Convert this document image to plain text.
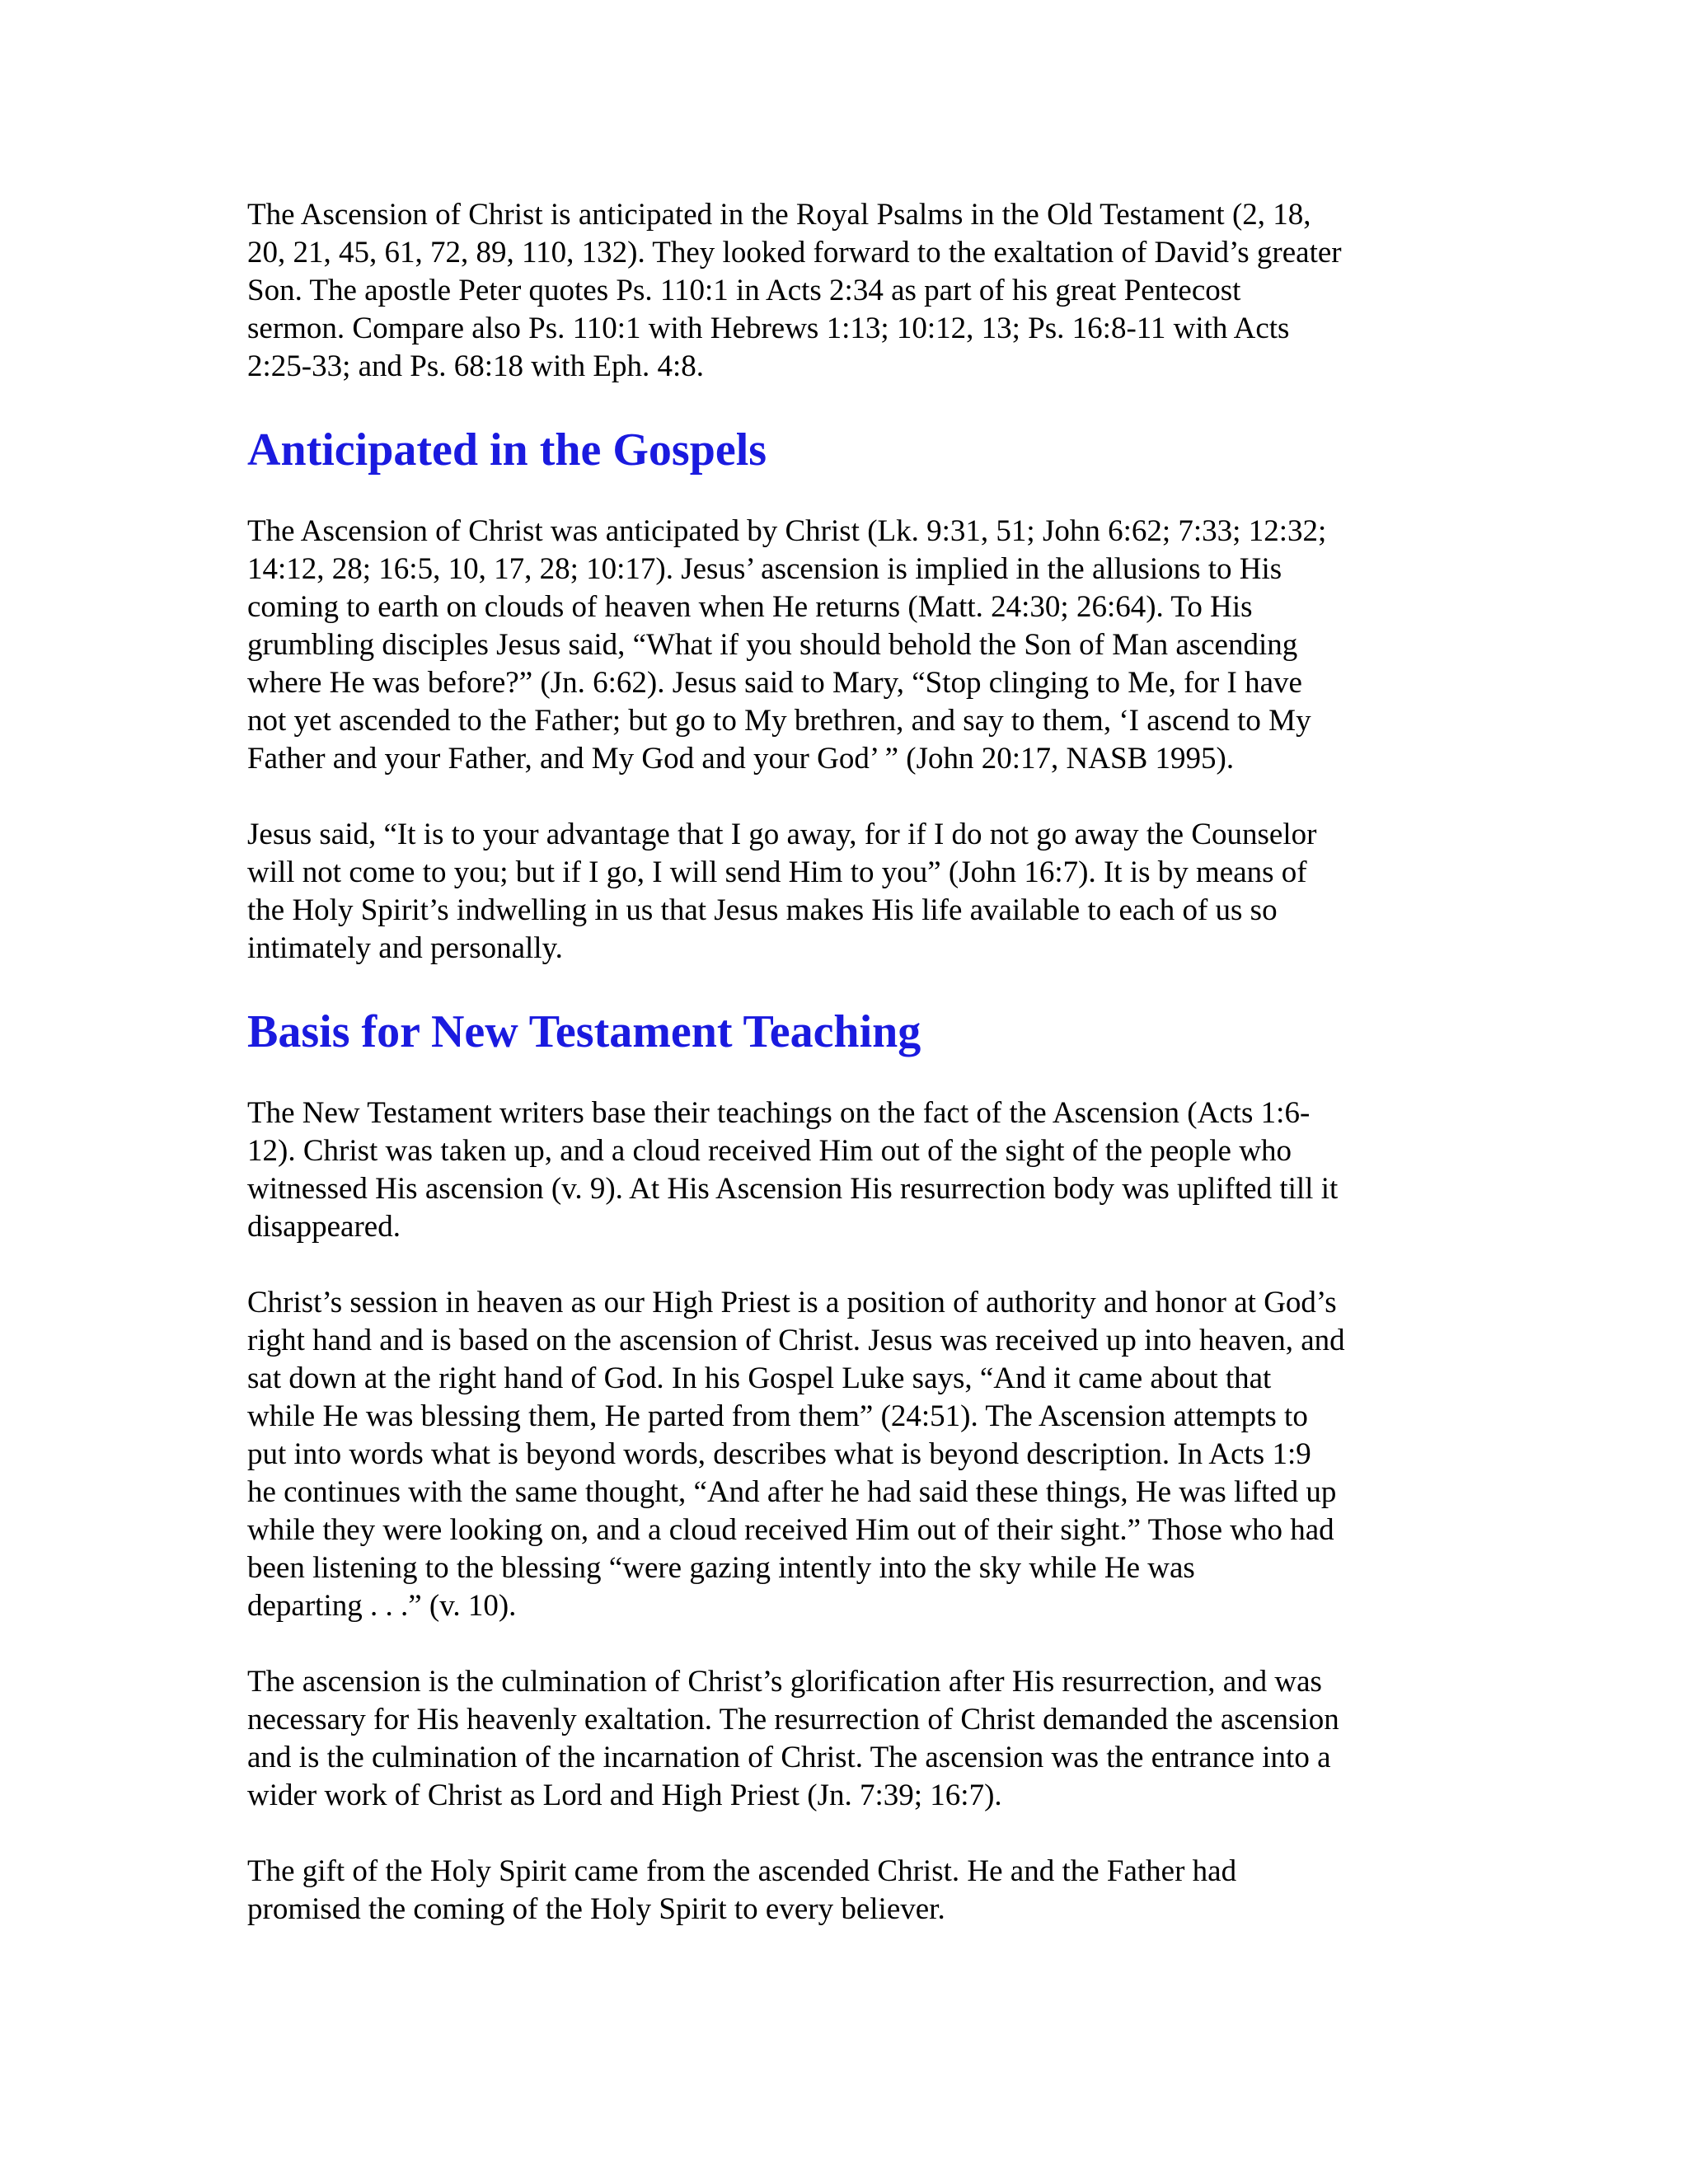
The Ascension of Christ is anticipated in the Royal Psalms in the Old Testament (2, 18,
20, 21, 45, 61, 72, 89, 110, 132). They looked forward to the exaltation of David’s greater
Son. The apostle Peter quotes Ps. 110:1 in Acts 2:34 as part of his great Pentecost
sermon. Compare also Ps. 110:1 with Hebrews 1:13; 10:12, 13; Ps. 16:8-11 with Acts
2:25-33; and Ps. 68:18 with Eph. 4:8.

Anticipated in the Gospels

The Ascension of Christ was anticipated by Christ (Lk. 9:31, 51; John 6:62; 7:33; 12:32;
14:12, 28; 16:5, 10, 17, 28; 10:17). Jesus’ ascension is implied in the allusions to His
coming to earth on clouds of heaven when He returns (Matt. 24:30; 26:64). To His
grumbling disciples Jesus said, “What if you should behold the Son of Man ascending
where He was before?” (Jn. 6:62). Jesus said to Mary, “Stop clinging to Me, for I have
not yet ascended to the Father; but go to My brethren, and say to them, ‘I ascend to My
Father and your Father, and My God and your God’ ” (John 20:17, NASB 1995).

Jesus said, “It is to your advantage that I go away, for if I do not go away the Counselor
will not come to you; but if I go, I will send Him to you” (John 16:7). It is by means of
the Holy Spirit’s indwelling in us that Jesus makes His life available to each of us so
intimately and personally.

Basis for New Testament Teaching

The New Testament writers base their teachings on the fact of the Ascension (Acts 1:6-
12). Christ was taken up, and a cloud received Him out of the sight of the people who
witnessed His ascension (v. 9). At His Ascension His resurrection body was uplifted till it
disappeared.

Christ’s session in heaven as our High Priest is a position of authority and honor at God’s
right hand and is based on the ascension of Christ. Jesus was received up into heaven, and
sat down at the right hand of God. In his Gospel Luke says, “And it came about that
while He was blessing them, He parted from them” (24:51). The Ascension attempts to
put into words what is beyond words, describes what is beyond description. In Acts 1:9
he continues with the same thought, “And after he had said these things, He was lifted up
while they were looking on, and a cloud received Him out of their sight.” Those who had
been listening to the blessing “were gazing intently into the sky while He was
departing . . .” (v. 10).

The ascension is the culmination of Christ’s glorification after His resurrection, and was
necessary for His heavenly exaltation. The resurrection of Christ demanded the ascension
and is the culmination of the incarnation of Christ. The ascension was the entrance into a
wider work of Christ as Lord and High Priest (Jn. 7:39; 16:7).

The gift of the Holy Spirit came from the ascended Christ. He and the Father had
promised the coming of the Holy Spirit to every believer.
